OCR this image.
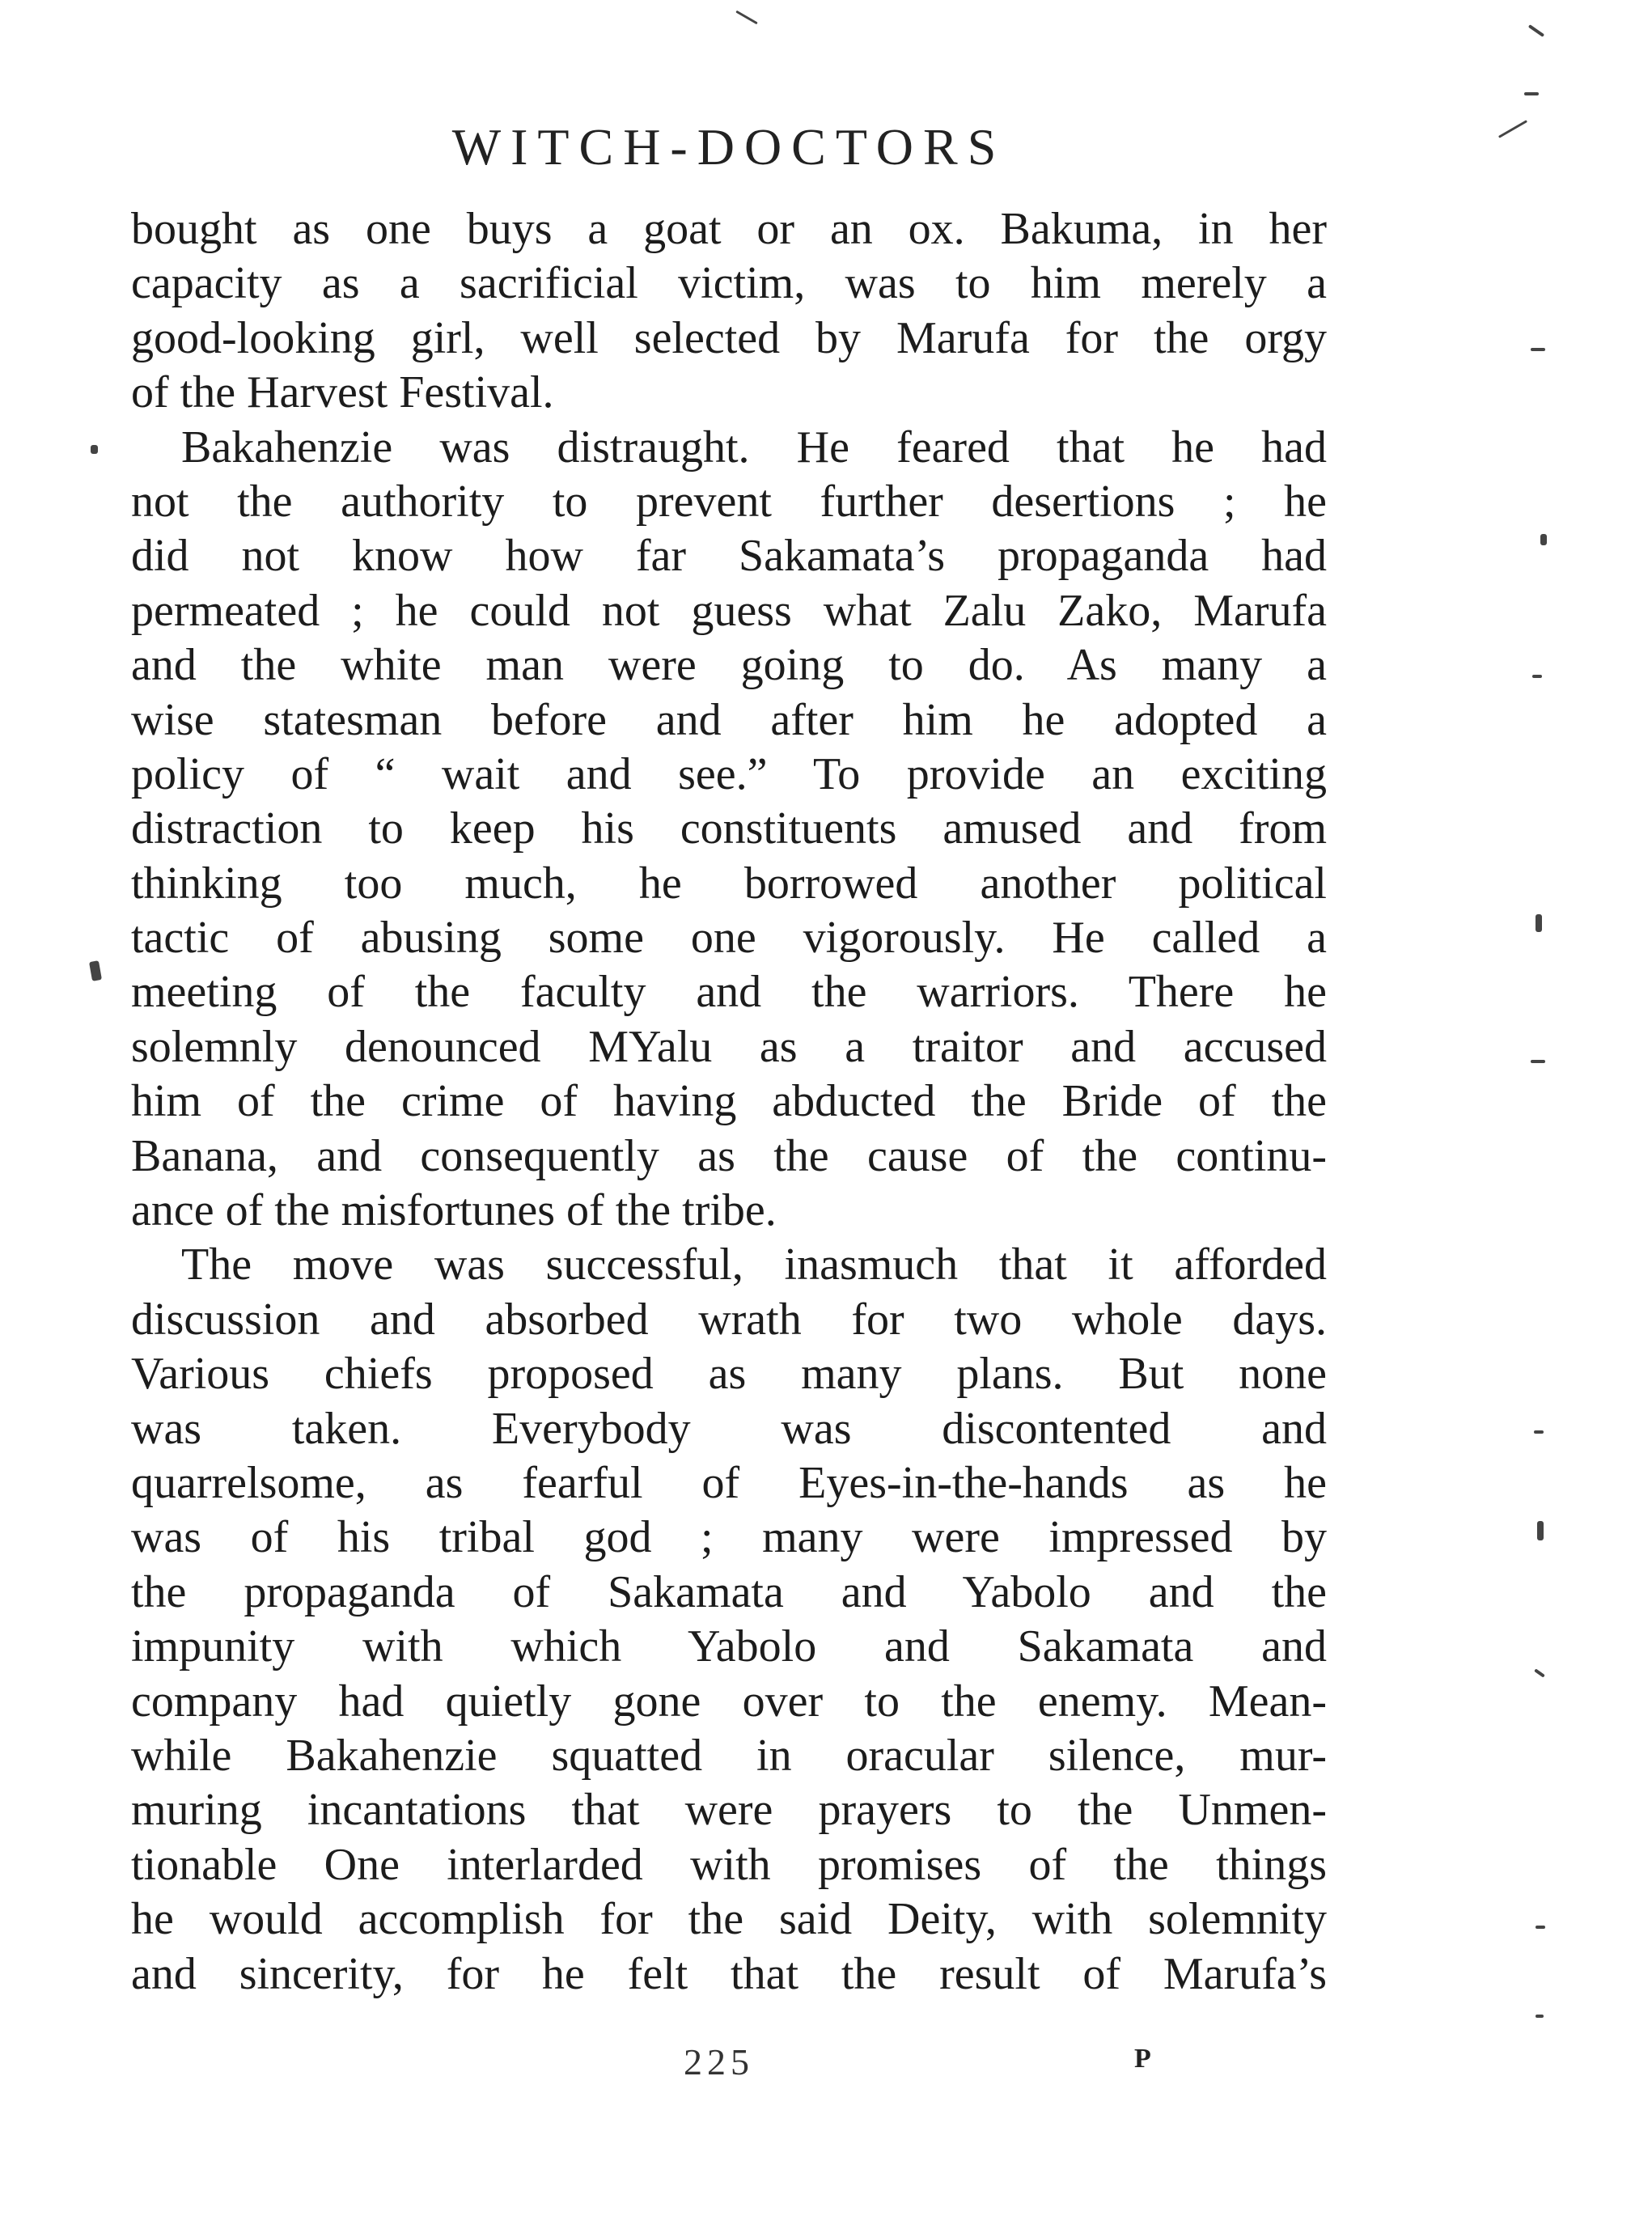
WITCH-DOCTORS
bought as one buys a goat or an ox. Bakuma, in her
capacity as a sacrificial victim, was to him merely a
good-looking girl, well selected by Marufa for the orgy
of the Harvest Festival.
Bakahenzie was distraught. He feared that he had
not the authority to prevent further desertions ; he
did not know how far Sakamata’s propaganda had
permeated ; he could not guess what Zalu Zako, Marufa
and the white man were going to do. As many a
wise statesman before and after him he adopted a
policy of “ wait and see.” To provide an exciting
distraction to keep his constituents amused and from
thinking too much, he borrowed another political
tactic of abusing some one vigorously. He called a
meeting of the faculty and the warriors. There he
solemnly denounced MYalu as a traitor and accused
him of the crime of having abducted the Bride of the
Banana, and consequently as the cause of the continu-
ance of the misfortunes of the tribe.
The move was successful, inasmuch that it afforded
discussion and absorbed wrath for two whole days.
Various chiefs proposed as many plans. But none
was taken. Everybody was discontented and
quarrelsome, as fearful of Eyes-in-the-hands as he
was of his tribal god ; many were impressed by
the propaganda of Sakamata and Yabolo and the
impunity with which Yabolo and Sakamata and
company had quietly gone over to the enemy. Mean-
while Bakahenzie squatted in oracular silence, mur-
muring incantations that were prayers to the Unmen-
tionable One interlarded with promises of the things
he would accomplish for the said Deity, with solemnity
and sincerity, for he felt that the result of Marufa’s
225	P
